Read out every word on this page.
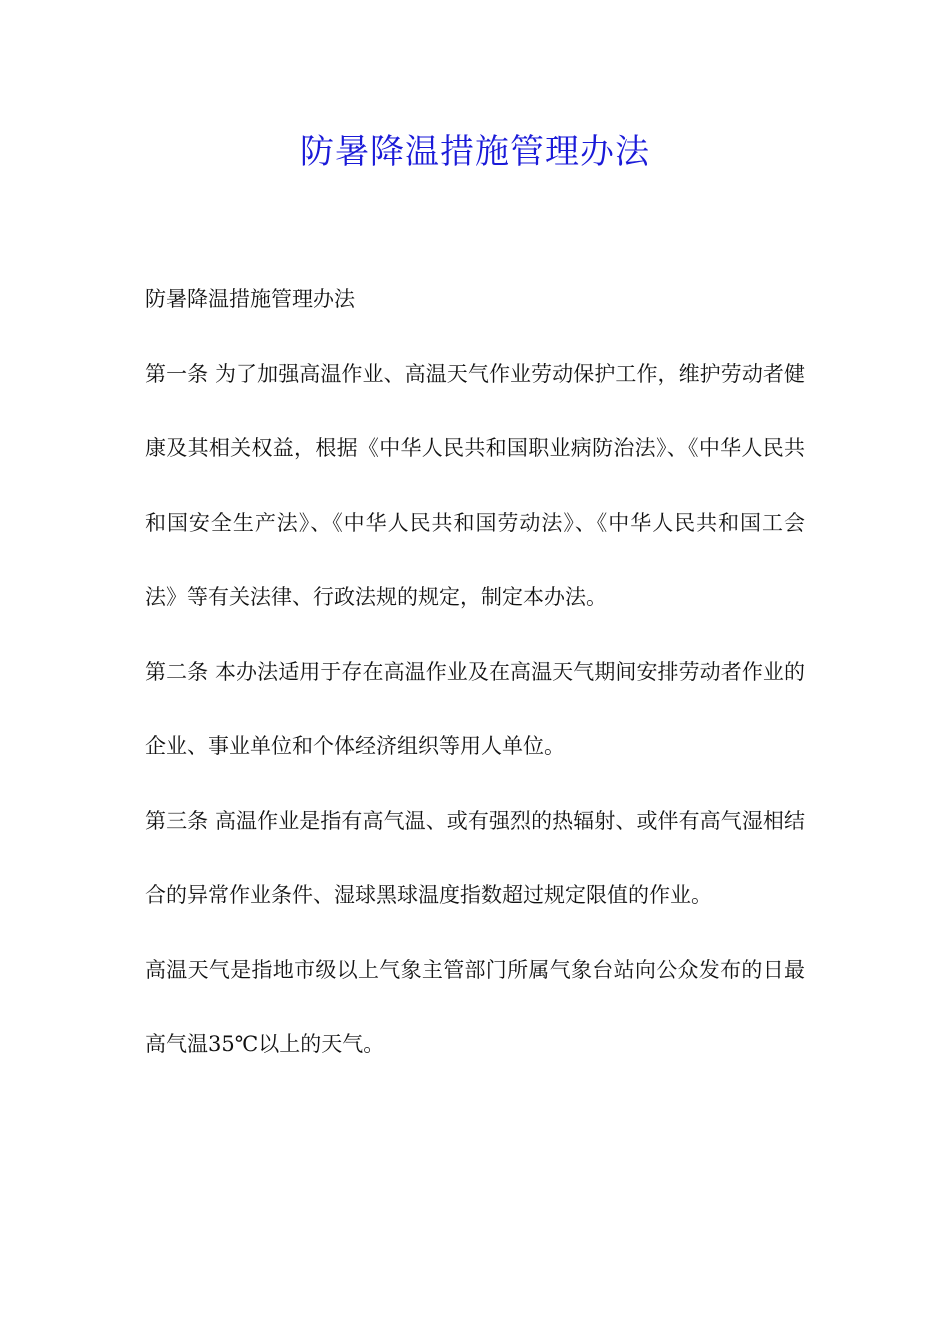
防暑降温措施管理办法

防暑降温措施管理办法

第一条 为了加强高温作业、高温天气作业劳动保护工作，维护劳动者健康及其相关权益，根据《中华人民共和国职业病防治法》、《中华人民共和国安全生产法》、《中华人民共和国劳动法》、《中华人民共和国工会法》等有关法律、行政法规的规定，制定本办法。

第二条 本办法适用于存在高温作业及在高温天气期间安排劳动者作业的企业、事业单位和个体经济组织等用人单位。

第三条 高温作业是指有高气温、或有强烈的热辐射、或伴有高气湿相结合的异常作业条件、湿球黑球温度指数超过规定限值的作业。

高温天气是指地市级以上气象主管部门所属气象台站向公众发布的日最高气温35℃以上的天气。
